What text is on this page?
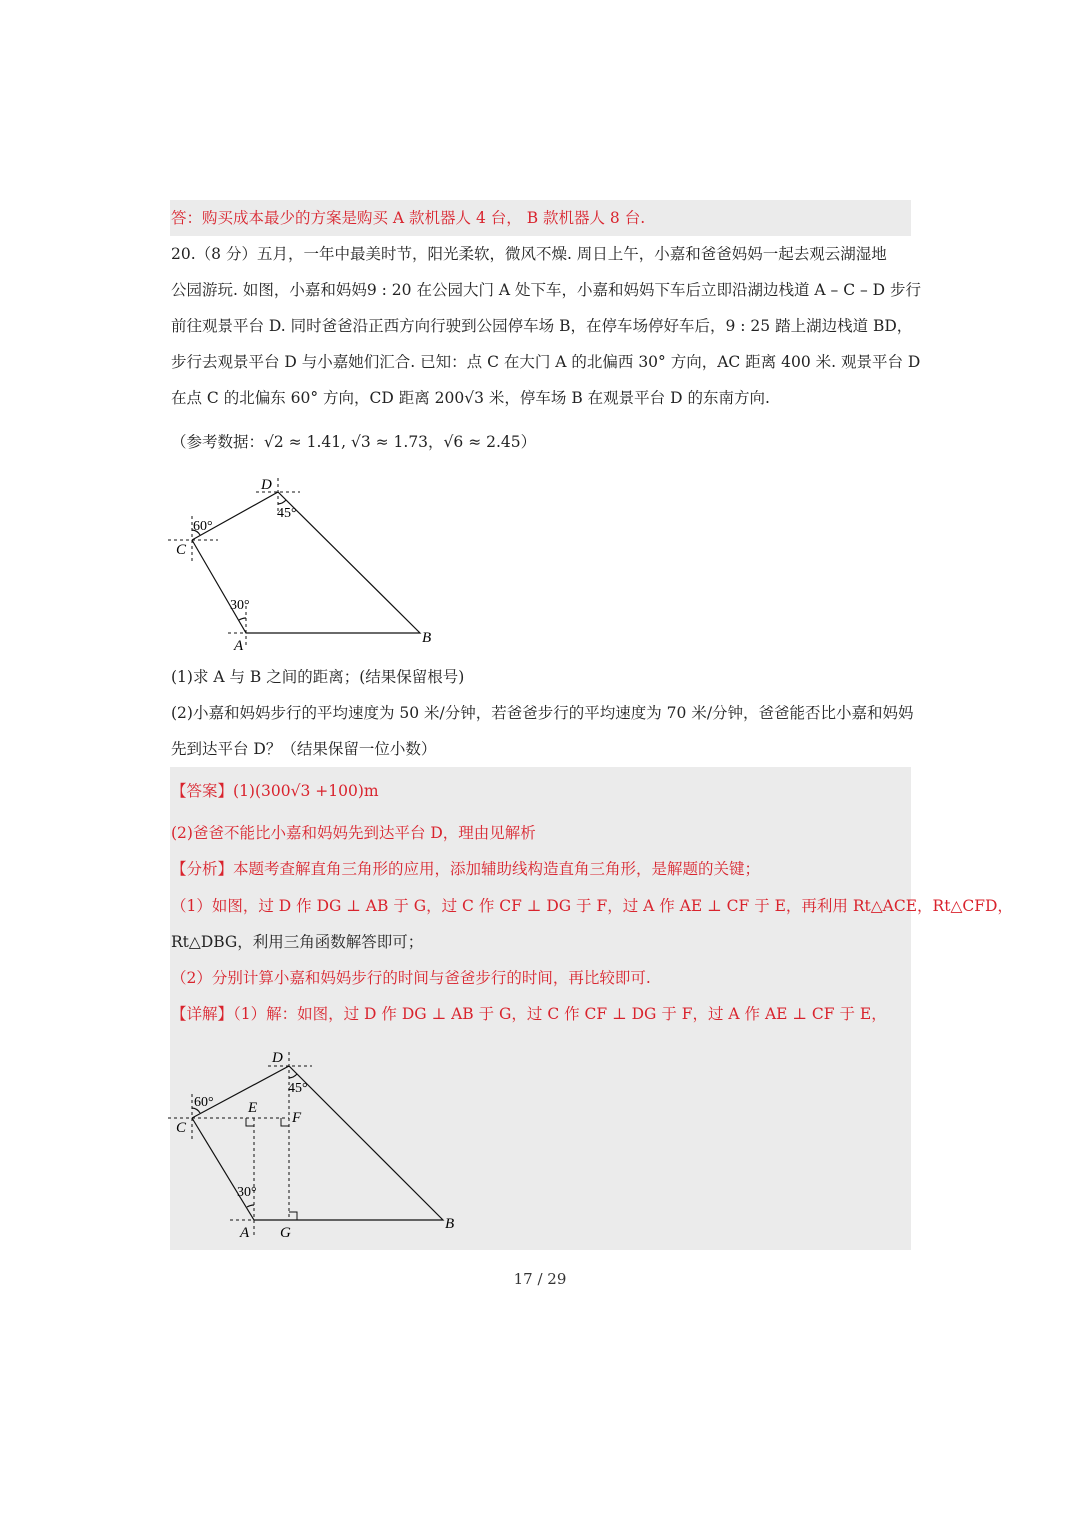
答：购买成本最少的方案是购买 A 款机器人 4 台， B 款机器人 8 台.
20.（8 分）五月，一年中最美时节，阳光柔软，微风不燥. 周日上午，小嘉和爸爸妈妈一起去观云湖湿地
公园游玩. 如图，小嘉和妈妈9 : 20 在公园大门 A 处下车，小嘉和妈妈下车后立即沿湖边栈道 A – C – D 步行
前往观景平台 D. 同时爸爸沿正西方向行驶到公园停车场 B，在停车场停好车后，9 : 25 踏上湖边栈道 BD，
步行去观景平台 D 与小嘉她们汇合. 已知：点 C 在大门 A 的北偏西 30° 方向，AC 距离 400 米. 观景平台 D
在点 C 的北偏东 60° 方向，CD 距离 200√3 米，停车场 B 在观景平台 D 的东南方向.
（参考数据：√2 ≈ 1.41, √3 ≈ 1.73，√6 ≈ 2.45）
D
C
A	B
60°
45°
30°
(1)求 A 与 B 之间的距离；(结果保留根号)
(2)小嘉和妈妈步行的平均速度为 50 米/分钟，若爸爸步行的平均速度为 70 米/分钟，爸爸能否比小嘉和妈妈
先到达平台 D？（结果保留一位小数）
【答案】(1)(300√3 +100)m
(2)爸爸不能比小嘉和妈妈先到达平台 D，理由见解析
【分析】本题考查解直角三角形的应用，添加辅助线构造直角三角形，是解题的关键；
（1）如图，过 D 作 DG ⊥ AB 于 G，过 C 作 CF ⊥ DG 于 F，过 A 作 AE ⊥ CF 于 E，再利用 Rt△ACE，Rt△CFD，
Rt△DBG，利用三角函数解答即可；
（2）分别计算小嘉和妈妈步行的时间与爸爸步行的时间，再比较即可.
【详解】（1）解：如图，过 D 作 DG ⊥ AB 于 G，过 C 作 CF ⊥ DG 于 F，过 A 作 AE ⊥ CF 于 E，
D
C
A
B
E
F
G
60°
45°
30°
17 / 29
